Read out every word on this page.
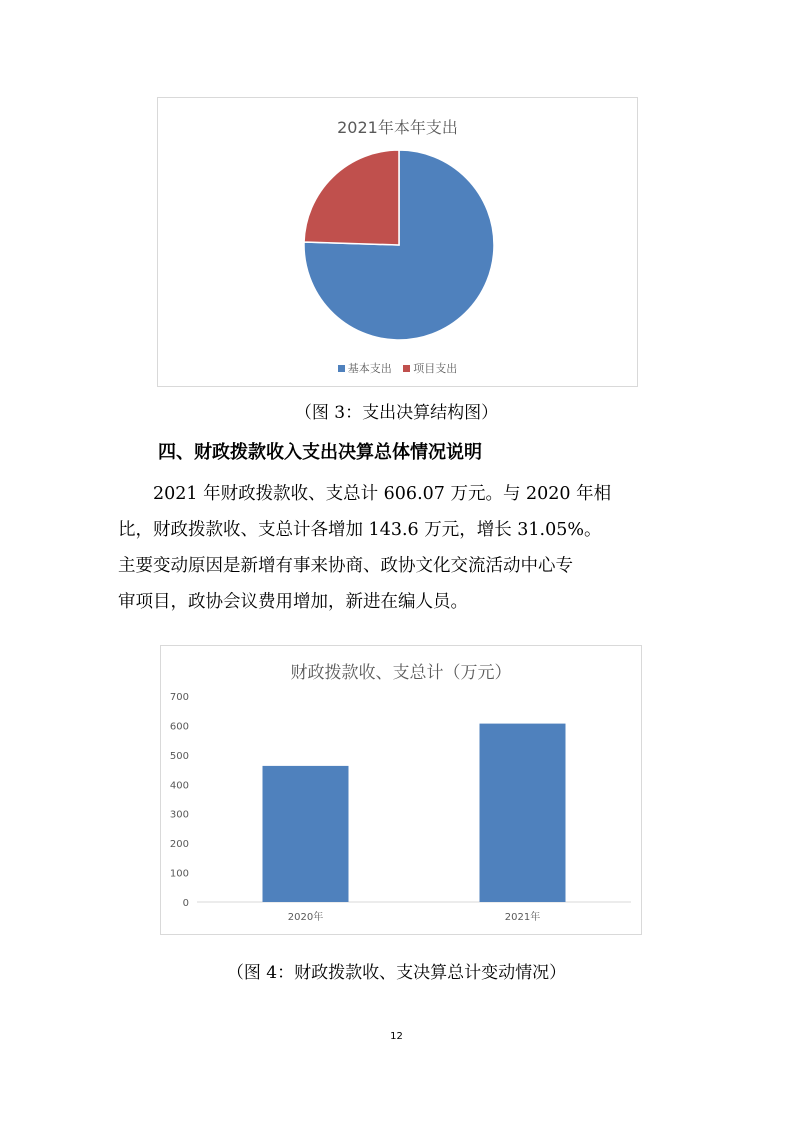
2021年本年支出
基本支出 项目支出
（图 3：支出决算结构图）
四、财政拨款收入支出决算总体情况说明

2021 年财政拨款收、支总计 606.07 万元。与 2020 年相

比，财政拨款收、支总计各增加 143.6 万元，增长 31.05%。

主要变动原因是新增有事来协商、政协文化交流活动中心专

审项目，政协会议费用增加，新进在编人员。

财政拨款收、支总计（万元）
0
100
200
300
400
500
600
700
2020年	2021年
（图 4：财政拨款收、支决算总计变动情况）
12
